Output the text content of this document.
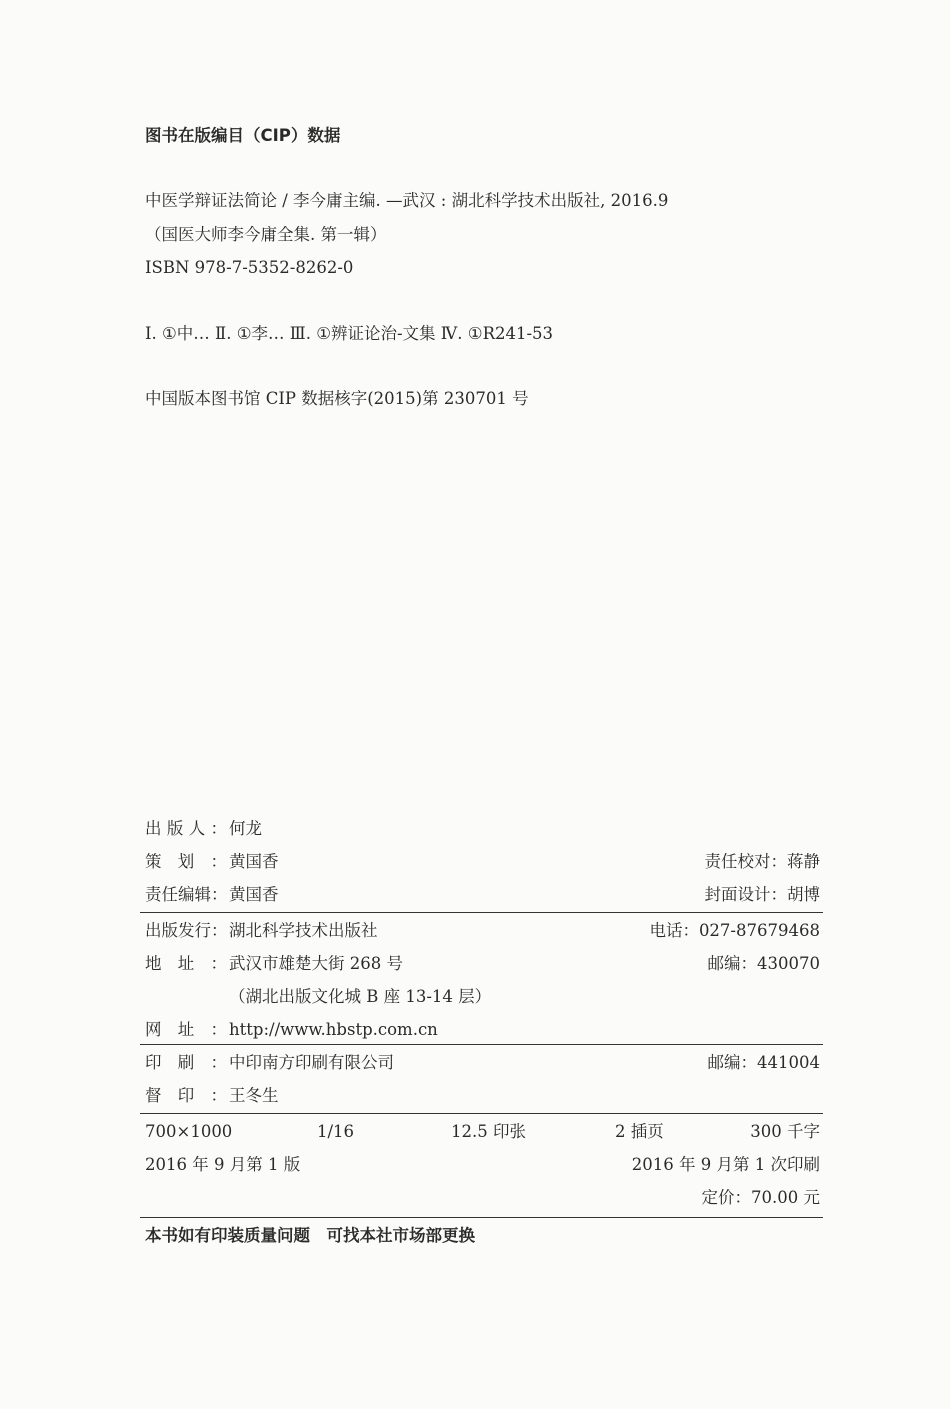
图书在版编目（CIP）数据
中医学辩证法简论 / 李今庸主编. —武汉 : 湖北科学技术出版社, 2016.9
（国医大师李今庸全集. 第一辑）
ISBN 978-7-5352-8262-0
Ⅰ. ①中… Ⅱ. ①李… Ⅲ. ①辨证论治-文集 Ⅳ. ①R241-53
中国版本图书馆 CIP 数据核字(2015)第 230701 号
出版人： 何龙
策划： 黄国香	责任校对：蒋静
责任编辑：黄国香	封面设计：胡博
出版发行：湖北科学技术出版社	电话：027-87679468
地址： 武汉市雄楚大街 268 号	邮编：430070
（湖北出版文化城 B 座 13-14 层）
网址： http://www.hbstp.com.cn
印刷： 中印南方印刷有限公司	邮编：441004
督印： 王冬生
700×1000	1/16	12.5 印张	2 插页	300 千字
2016 年 9 月第 1 版	2016 年 9 月第 1 次印刷
定价：70.00 元
本书如有印装质量问题　可找本社市场部更换
